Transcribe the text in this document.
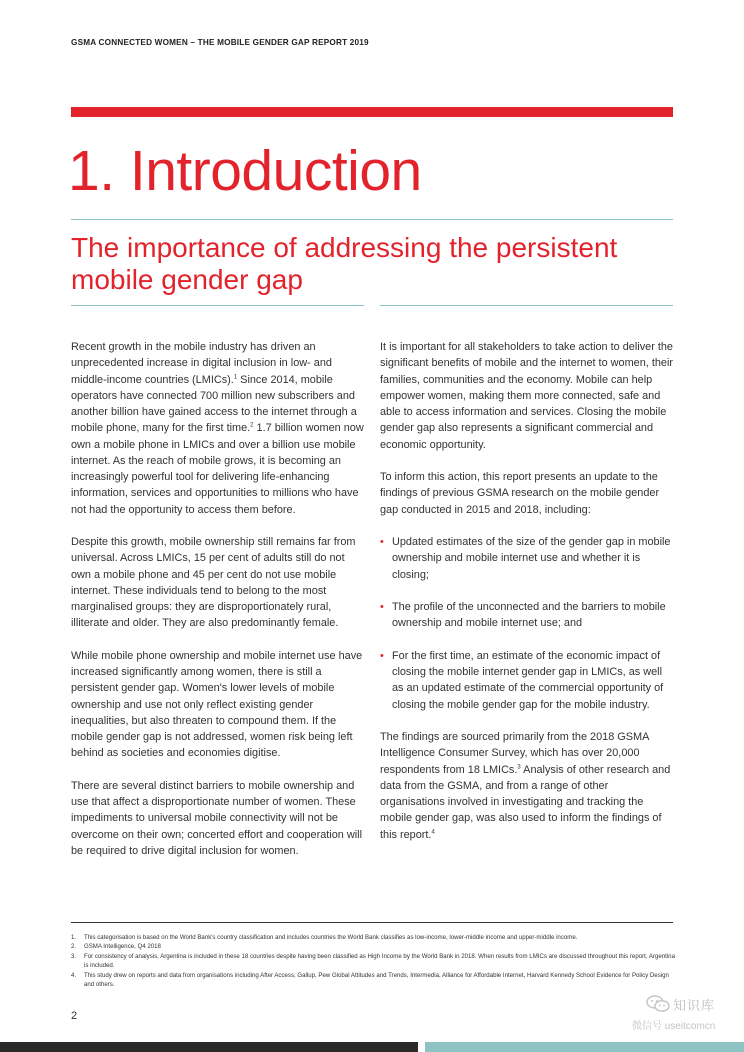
GSMA CONNECTED WOMEN – THE MOBILE GENDER GAP REPORT 2019
1. Introduction
The importance of addressing the persistent
mobile gender gap

Recent growth in the mobile industry has driven an unprecedented increase in digital inclusion in low- and middle-income countries (LMICs).$^1$ Since 2014, mobile operators have connected 700 million new subscribers and another billion have gained access to the internet through a mobile phone, many for the first time.$^2$ 1.7 billion women now own a mobile phone in LMICs and over a billion use mobile internet. As the reach of mobile grows, it is becoming an increasingly powerful tool for delivering life-enhancing information, services and opportunities to millions who have not had the opportunity to access them before.

Despite this growth, mobile ownership still remains far from universal. Across LMICs, 15 per cent of adults still do not own a mobile phone and 45 per cent do not use mobile internet. These individuals tend to belong to the most marginalised groups: they are disproportionately rural, illiterate and older. They are also predominantly female.

While mobile phone ownership and mobile internet use have increased significantly among women, there is still a persistent gender gap. Women's lower levels of mobile ownership and use not only reflect existing gender inequalities, but also threaten to compound them. If the mobile gender gap is not addressed, women risk being left behind as societies and economies digitise.

There are several distinct barriers to mobile ownership and use that affect a disproportionate number of women. These impediments to universal mobile connectivity will not be overcome on their own; concerted effort and cooperation will be required to drive digital inclusion for women.

It is important for all stakeholders to take action to deliver the significant benefits of mobile and the internet to women, their families, communities and the economy. Mobile can help empower women, making them more connected, safe and able to access information and services. Closing the mobile gender gap also represents a significant commercial and economic opportunity.

To inform this action, this report presents an update to the findings of previous GSMA research on the mobile gender gap conducted in 2015 and 2018, including:

• Updated estimates of the size of the gender gap in mobile ownership and mobile internet use and whether it is closing;
• The profile of the unconnected and the barriers to mobile ownership and mobile internet use; and
• For the first time, an estimate of the economic impact of closing the mobile internet gender gap in LMICs, as well as an updated estimate of the commercial opportunity of closing the mobile gender gap for the mobile industry.

The findings are sourced primarily from the 2018 GSMA Intelligence Consumer Survey, which has over 20,000 respondents from 18 LMICs.$^3$ Analysis of other research and data from the GSMA, and from a range of other organisations involved in investigating and tracking the mobile gender gap, was also used to inform the findings of this report.$^4$

1. This categorisation is based on the World Bank's country classification and includes countries the World Bank classifies as low-income, lower-middle income and upper-middle income.
2. GSMA Intelligence, Q4 2018
3. For consistency of analysis, Argentina is included in these 18 countries despite having been classified as High Income by the World Bank in 2018. When results from LMICs are discussed throughout this report, Argentina is included.
4. This study drew on reports and data from organisations including After Access, Gallup, Pew Global Attitudes and Trends, Intermedia, Alliance for Affordable Internet, Harvard Kennedy School Evidence for Policy Design and others.
2
知识库
微信号 useitcomcn
